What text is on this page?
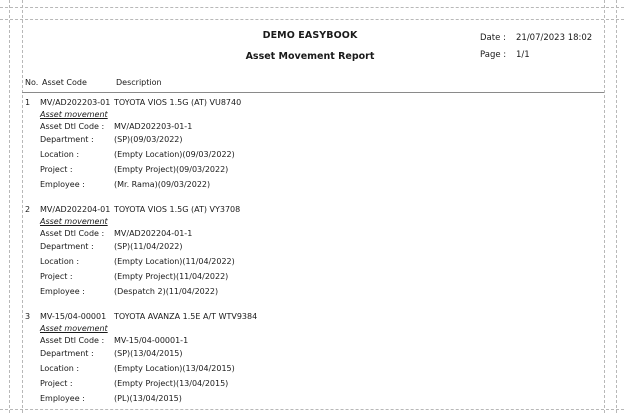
DEMO EASYBOOK
Asset Movement Report
Date : 21/07/2023 18:02
Page : 1/1
No. Asset Code	Description
1 MV/AD202203-01 TOYOTA VIOS 1.5G (AT) VU8740
Asset movement
Asset Dtl Code : MV/AD202203-01-1
Department :	(SP)(09/03/2022)
Location :	(Empty Location)(09/03/2022)
Project :	(Empty Project)(09/03/2022)
Employee :	(Mr. Rama)(09/03/2022)
2 MV/AD202204-01 TOYOTA VIOS 1.5G (AT) VY3708
Asset movement
Asset Dtl Code : MV/AD202204-01-1
Department :	(SP)(11/04/2022)
Location :	(Empty Location)(11/04/2022)
Project :	(Empty Project)(11/04/2022)
Employee :	(Despatch 2)(11/04/2022)
3 MV-15/04-00001 TOYOTA AVANZA 1.5E A/T WTV9384
Asset movement
Asset Dtl Code : MV-15/04-00001-1
Department :	(SP)(13/04/2015)
Location :	(Empty Location)(13/04/2015)
Project :	(Empty Project)(13/04/2015)
Employee :	(PL)(13/04/2015)
